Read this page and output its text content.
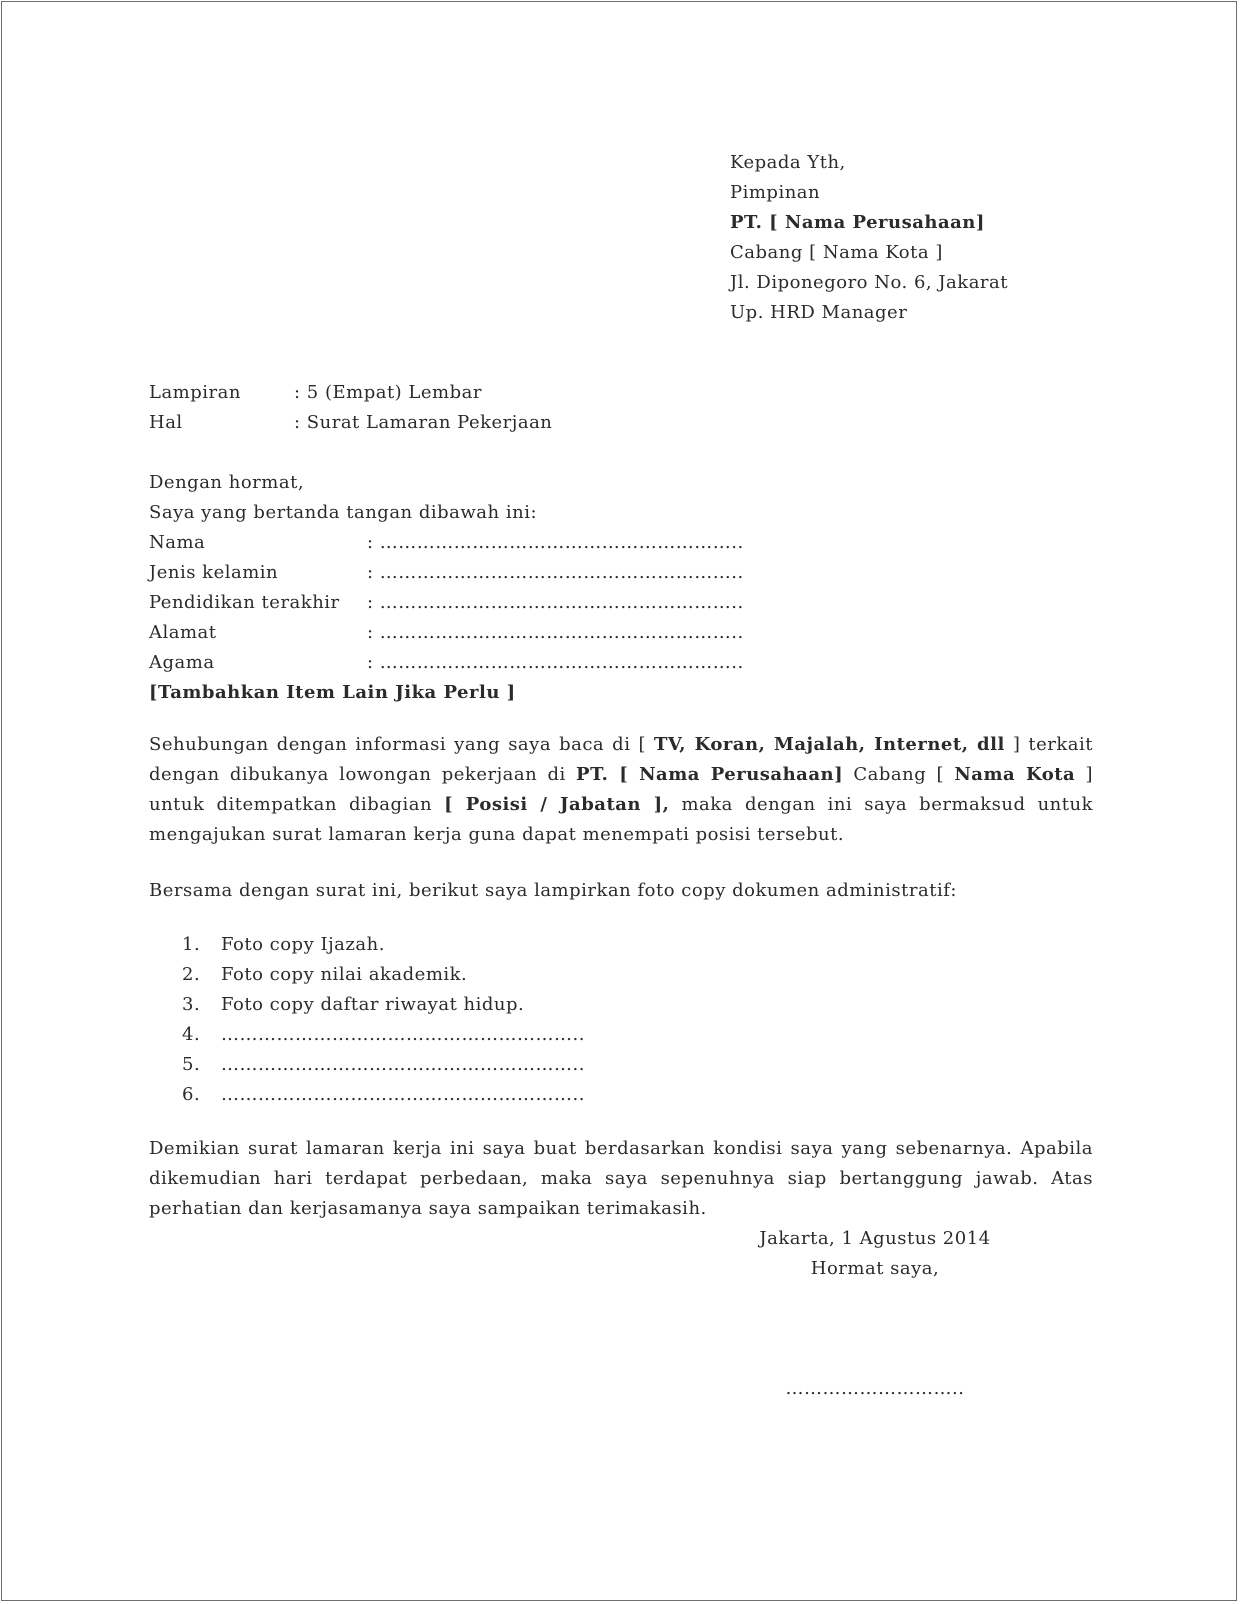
Kepada Yth,
Pimpinan
PT. [ Nama Perusahaan]
Cabang [ Nama Kota ]
Jl. Diponegoro No. 6, Jakarat
Up. HRD Manager
Lampiran	: 5 (Empat) Lembar
Hal	: Surat Lamaran Pekerjaan
Dengan hormat,
Saya yang bertanda tangan dibawah ini:
Nama	: …………………………………………………..
Jenis kelamin	: …………………………………………………..
Pendidikan terakhir : …………………………………………………..
Alamat	: …………………………………………………..
Agama	: …………………………………………………..
[Tambahkan Item Lain Jika Perlu ]
Sehubungan dengan informasi yang saya baca di [ TV, Koran, Majalah, Internet, dll ] terkait dengan dibukanya lowongan pekerjaan di PT. [ Nama Perusahaan] Cabang [ Nama Kota ] untuk ditempatkan dibagian [ Posisi / Jabatan ], maka dengan ini saya bermaksud untuk mengajukan surat lamaran kerja guna dapat menempati posisi tersebut.
Bersama dengan surat ini, berikut saya lampirkan foto copy dokumen administratif:
1. Foto copy Ijazah.
2. Foto copy nilai akademik.
3. Foto copy daftar riwayat hidup.
4. …………………………………………………..
5. …………………………………………………..
6. …………………………………………………..
Demikian surat lamaran kerja ini saya buat berdasarkan kondisi saya yang sebenarnya. Apabila dikemudian hari terdapat perbedaan, maka saya sepenuhnya siap bertanggung jawab. Atas perhatian dan kerjasamanya saya sampaikan terimakasih.
Jakarta, 1 Agustus 2014
Hormat saya,
………………………..
